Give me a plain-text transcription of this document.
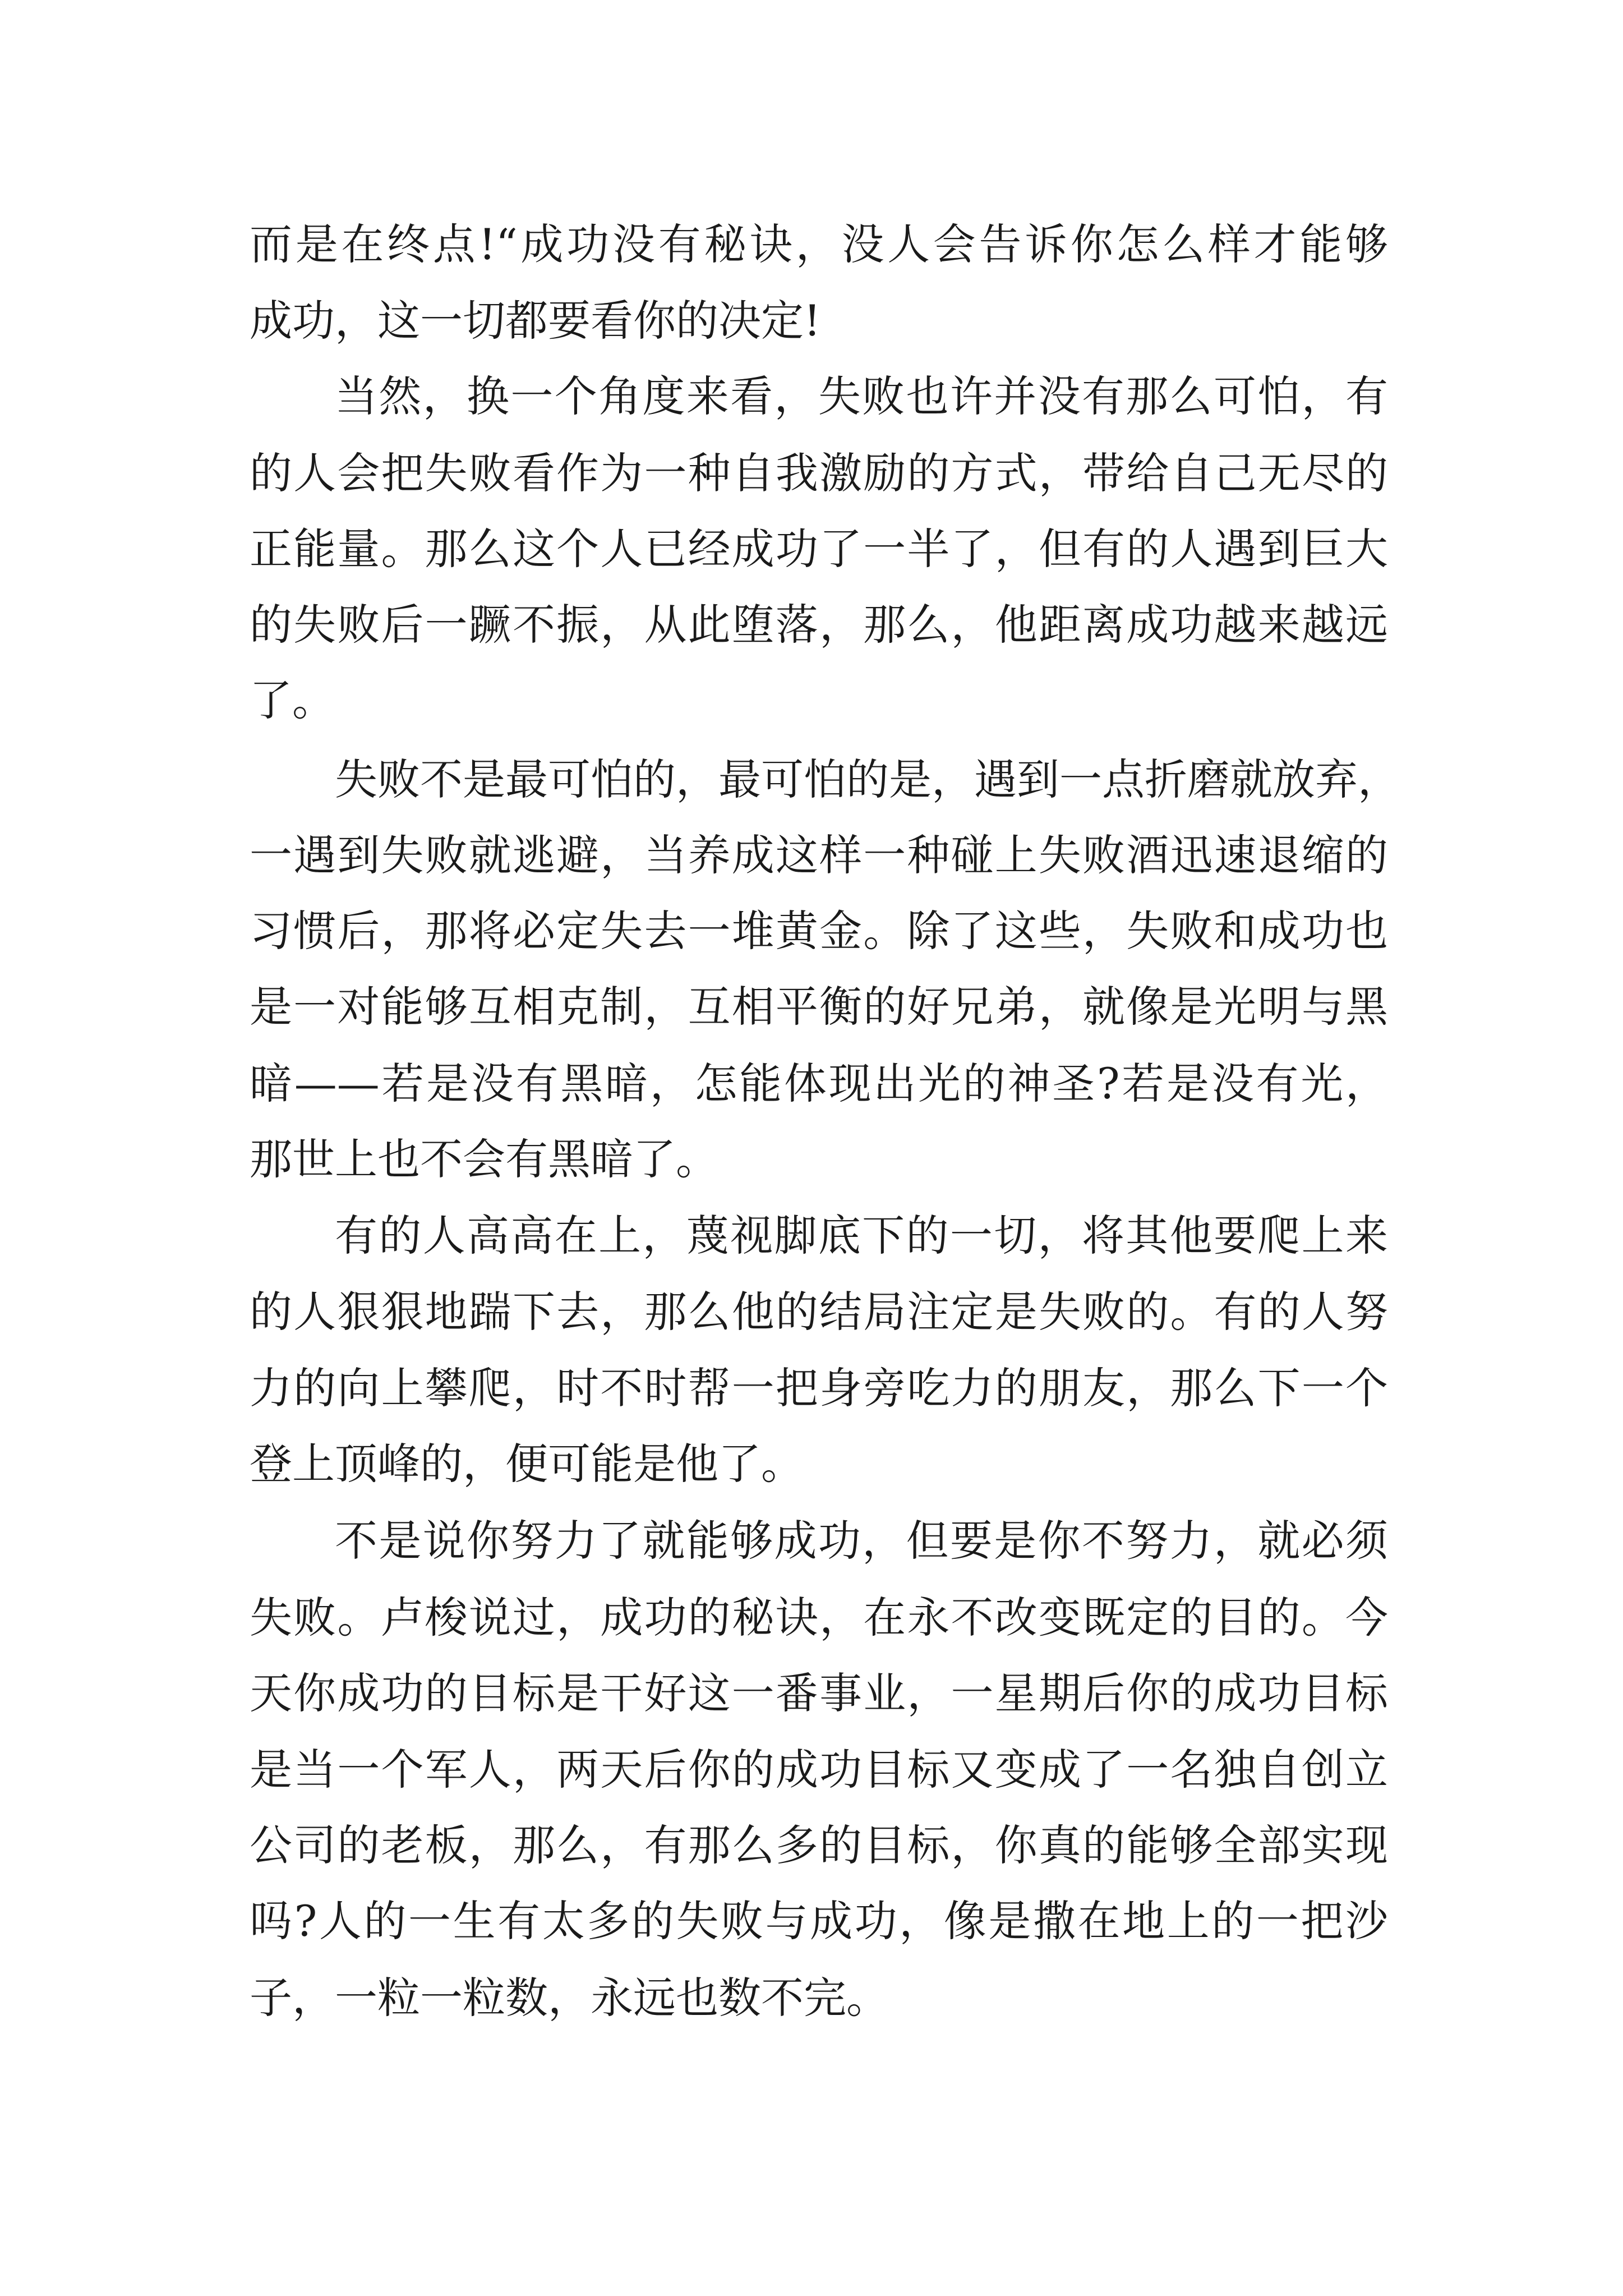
而是在终点!“成功没有秘诀，没人会告诉你怎么样才能够
成功，这一切都要看你的决定!
当然，换一个角度来看，失败也许并没有那么可怕，有
的人会把失败看作为一种自我激励的方式，带给自己无尽的
正能量。那么这个人已经成功了一半了，但有的人遇到巨大
的失败后一蹶不振，从此堕落，那么，他距离成功越来越远
了。
失败不是最可怕的，最可怕的是，遇到一点折磨就放弃，
一遇到失败就逃避，当养成这样一种碰上失败酒迅速退缩的
习惯后，那将必定失去一堆黄金。除了这些，失败和成功也
是一对能够互相克制，互相平衡的好兄弟，就像是光明与黑
暗——若是没有黑暗，怎能体现出光的神圣?若是没有光，
那世上也不会有黑暗了。
有的人高高在上，蔑视脚底下的一切，将其他要爬上来
的人狠狠地踹下去，那么他的结局注定是失败的。有的人努
力的向上攀爬，时不时帮一把身旁吃力的朋友，那么下一个
登上顶峰的，便可能是他了。
不是说你努力了就能够成功，但要是你不努力，就必须
失败。卢梭说过，成功的秘诀，在永不改变既定的目的。今
天你成功的目标是干好这一番事业，一星期后你的成功目标
是当一个军人，两天后你的成功目标又变成了一名独自创立
公司的老板，那么，有那么多的目标，你真的能够全部实现
吗?人的一生有太多的失败与成功，像是撒在地上的一把沙
子，一粒一粒数，永远也数不完。
